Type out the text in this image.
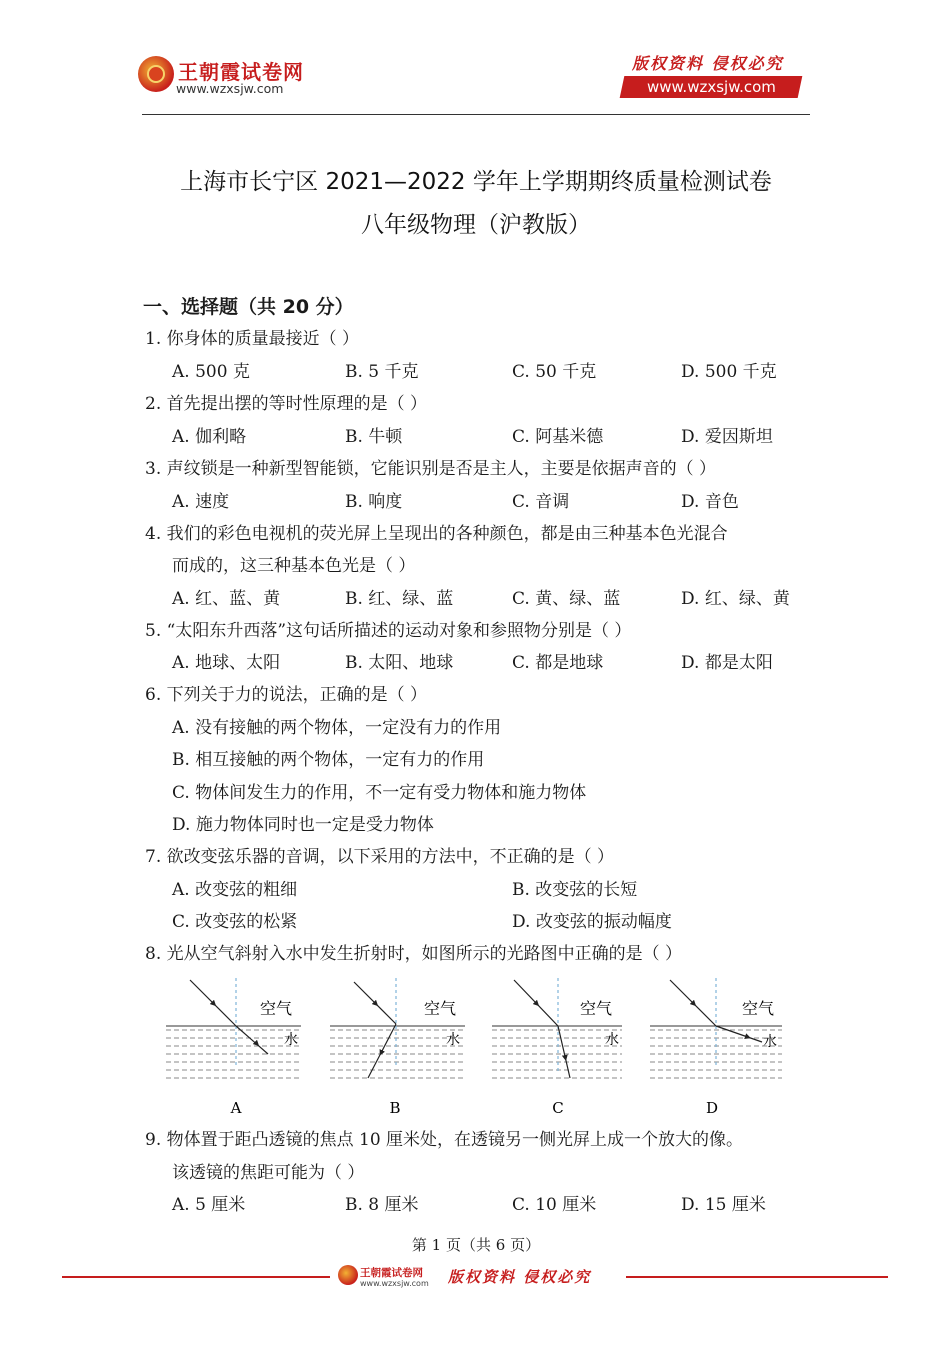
王朝霞试卷网
www.wzxsjw.com
版权资料 侵权必究
www.wzxsjw.com
上海市长宁区 2021—2022 学年上学期期终质量检测试卷
八年级物理（沪教版）
一、选择题（共 20 分）
1. 你身体的质量最接近（ ）
A. 500 克	B. 5 千克	C. 50 千克	D. 500 千克
2. 首先提出摆的等时性原理的是（ ）
A. 伽利略	B. 牛顿	C. 阿基米德	D. 爱因斯坦
3. 声纹锁是一种新型智能锁，它能识别是否是主人，主要是依据声音的（ ）
A. 速度	B. 响度	C. 音调	D. 音色
4. 我们的彩色电视机的荧光屏上呈现出的各种颜色，都是由三种基本色光混合
而成的，这三种基本色光是（ ）
A. 红、蓝、黄	B. 红、绿、蓝	C. 黄、绿、蓝	D. 红、绿、黄
5. “太阳东升西落”这句话所描述的运动对象和参照物分别是（ ）
A. 地球、太阳	B. 太阳、地球	C. 都是地球	D. 都是太阳
6. 下列关于力的说法，正确的是（ ）
A. 没有接触的两个物体，一定没有力的作用
B. 相互接触的两个物体，一定有力的作用
C. 物体间发生力的作用，不一定有受力物体和施力物体
D. 施力物体同时也一定是受力物体
7. 欲改变弦乐器的音调，以下采用的方法中，不正确的是（ ）
A. 改变弦的粗细	B. 改变弦的长短
C. 改变弦的松紧	D. 改变弦的振动幅度
8. 光从空气斜射入水中发生折射时，如图所示的光路图中正确的是（ ）
空气
水
空气
水
空气
水
空气
水
A	B	C	D
9. 物体置于距凸透镜的焦点 10 厘米处，在透镜另一侧光屏上成一个放大的像。
该透镜的焦距可能为（ ）
A. 5 厘米	B. 8 厘米	C. 10 厘米	D. 15 厘米
第 1 页（共 6 页）
王朝霞试卷网
www.wzxsjw.com 版权资料 侵权必究
